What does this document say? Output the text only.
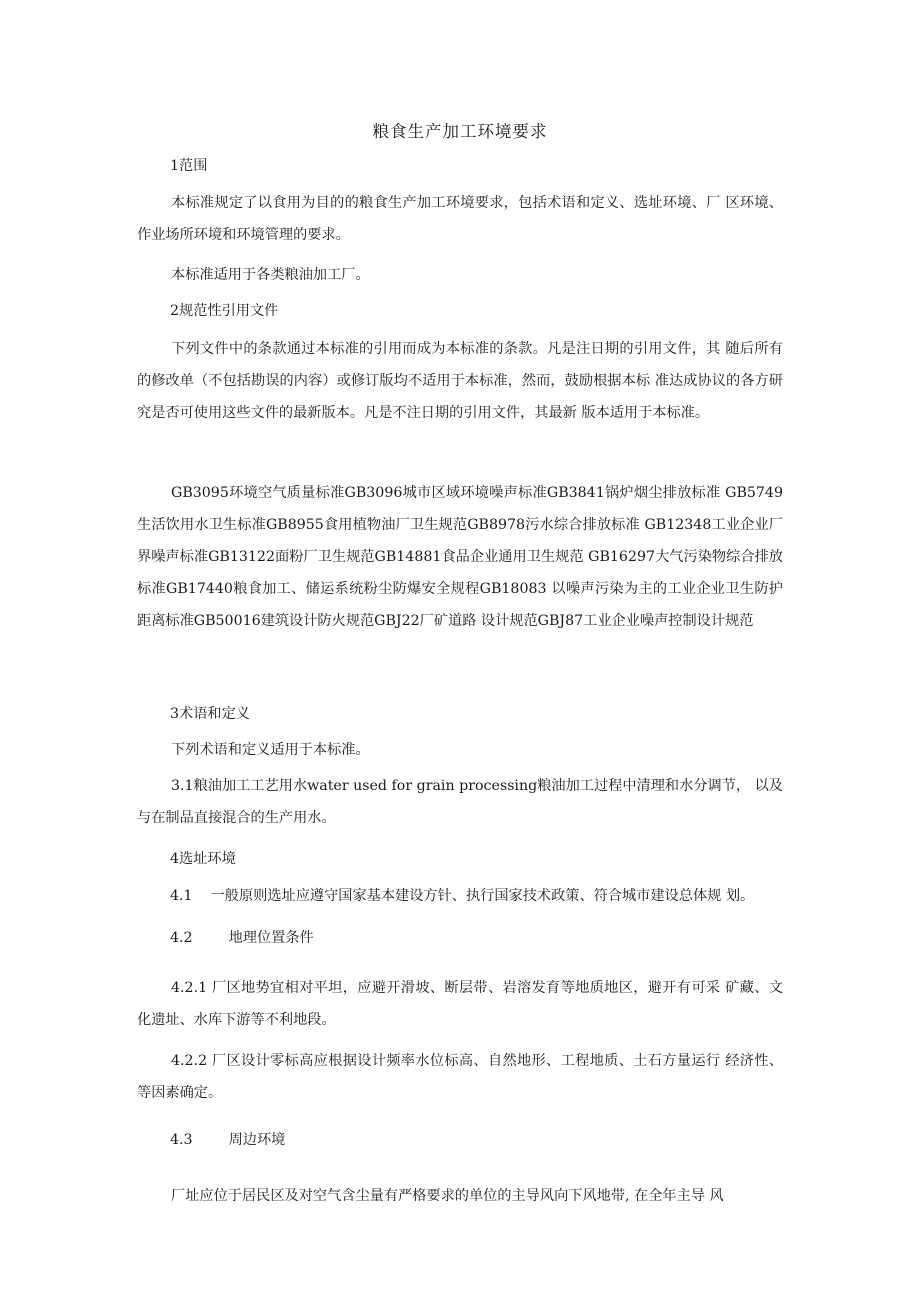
粮食生产加工环境要求

1范围

本标准规定了以食用为目的的粮食生产加工环境要求，包括术语和定义、选址环境、厂 区环境、作业场所环境和环境管理的要求。

本标准适用于各类粮油加工厂。

2规范性引用文件

下列文件中的条款通过本标准的引用而成为本标准的条款。凡是注日期的引用文件，其 随后所有的修改单（不包括勘误的内容）或修订版均不适用于本标准，然而，鼓励根据本标 准达成协议的各方研究是否可使用这些文件的最新版本。凡是不注日期的引用文件，其最新 版本适用于本标准。

GB3095环境空气质量标准GB3096城市区域环境噪声标准GB3841锅炉烟尘排放标准 GB5749生活饮用水卫生标准GB8955食用植物油厂卫生规范GB8978污水综合排放标准 GB12348工业企业厂界噪声标准GB13122面粉厂卫生规范GB14881食品企业通用卫生规范 GB16297大气污染物综合排放标准GB17440粮食加工、储运系统粉尘防爆安全规程GB18083 以噪声污染为主的工业企业卫生防护距离标准GB50016建筑设计防火规范GBJ22厂矿道路 设计规范GBJ87工业企业噪声控制设计规范

3术语和定义

下列术语和定义适用于本标准。

3.1粮油加工工艺用水water used for grain processing粮油加工过程中清理和水分调节， 以及与在制品直接混合的生产用水。

4选址环境

4.1 一般原则选址应遵守国家基本建设方针、执行国家技术政策、符合城市建设总体规 划。

4.2	地理位置条件

4.2.1 厂区地势宜相对平坦，应避开滑坡、断层带、岩溶发育等地质地区，避开有可采 矿藏、文化遗址、水库下游等不利地段。

4.2.2 厂区设计零标高应根据设计频率水位标高、自然地形、工程地质、土石方量运行 经济性、等因素确定。

4.3	周边环境

厂址应位于居民区及对空气含尘量有严格要求的单位的主导风向下风地带, 在全年主导 风
